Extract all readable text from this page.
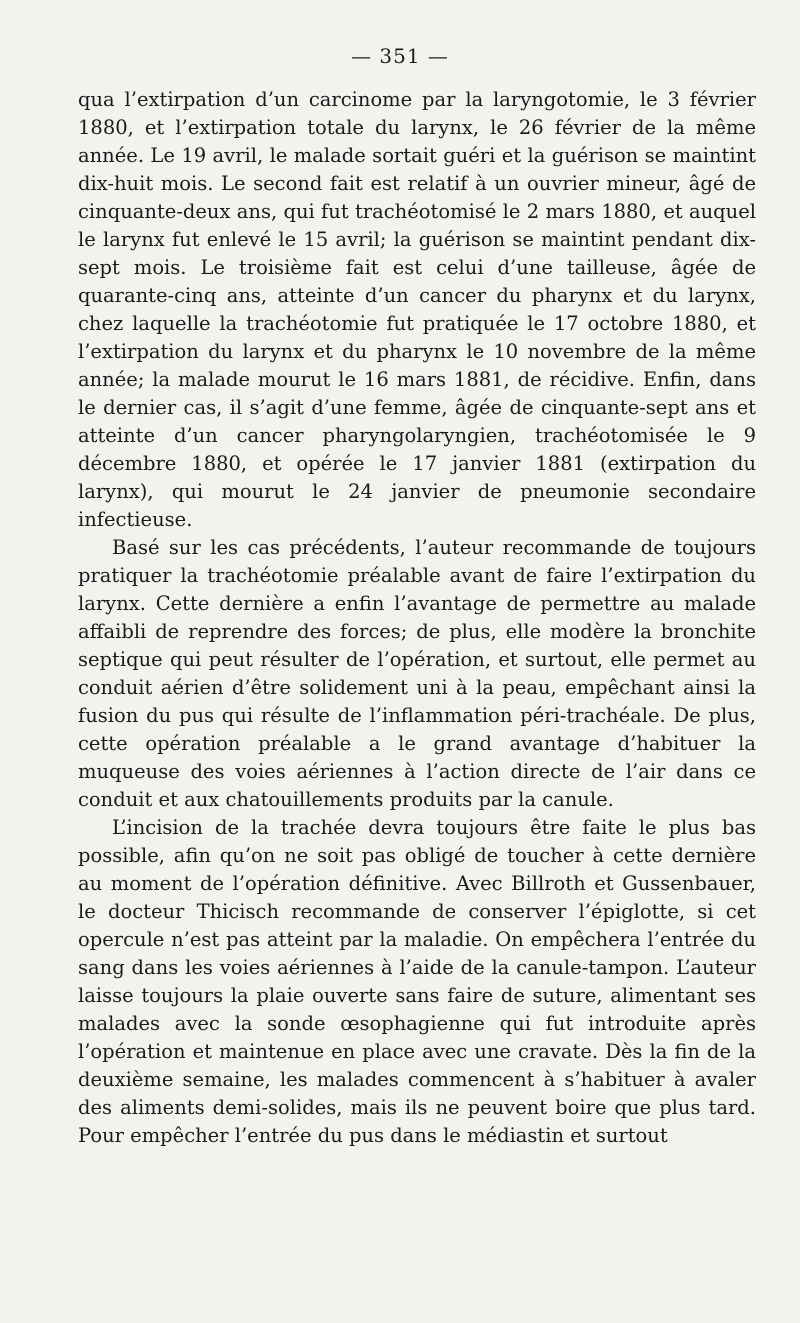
— 351 —

qua l’extirpation d’un carcinome par la laryngotomie, le 3 février 1880, et l’extirpation totale du larynx, le 26 février de la même année. Le 19 avril, le malade sortait guéri et la guérison se maintint dix-huit mois. Le second fait est relatif à un ouvrier mineur, âgé de cinquante-deux ans, qui fut trachéotomisé le 2 mars 1880, et auquel le larynx fut enlevé le 15 avril; la guérison se maintint pendant dix-sept mois. Le troisième fait est celui d’une tailleuse, âgée de quarante-cinq ans, atteinte d’un cancer du pharynx et du larynx, chez laquelle la trachéotomie fut pratiquée le 17 octobre 1880, et l’extirpation du larynx et du pharynx le 10 novembre de la même année; la malade mourut le 16 mars 1881, de récidive. Enfin, dans le dernier cas, il s’agit d’une femme, âgée de cinquante-sept ans et atteinte d’un cancer pharyngolaryngien, trachéotomisée le 9 décembre 1880, et opérée le 17 janvier 1881 (extirpation du larynx), qui mourut le 24 janvier de pneumonie secondaire infectieuse.

Basé sur les cas précédents, l’auteur recommande de toujours pratiquer la trachéotomie préalable avant de faire l’extirpation du larynx. Cette dernière a enfin l’avantage de permettre au malade affaibli de reprendre des forces; de plus, elle modère la bronchite septique qui peut résulter de l’opération, et surtout, elle permet au conduit aérien d’être solidement uni à la peau, empêchant ainsi la fusion du pus qui résulte de l’inflammation péri-trachéale. De plus, cette opération préalable a le grand avantage d’habituer la muqueuse des voies aériennes à l’action directe de l’air dans ce conduit et aux chatouillements produits par la canule.

L’incision de la trachée devra toujours être faite le plus bas possible, afin qu’on ne soit pas obligé de toucher à cette dernière au moment de l’opération définitive. Avec Billroth et Gussenbauer, le docteur Thicisch recommande de conserver l’épiglotte, si cet opercule n’est pas atteint par la maladie. On empêchera l’entrée du sang dans les voies aériennes à l’aide de la canule-tampon. L’auteur laisse toujours la plaie ouverte sans faire de suture, alimentant ses malades avec la sonde œsophagienne qui fut introduite après l’opération et maintenue en place avec une cravate. Dès la fin de la deuxième semaine, les malades commencent à s’habituer à avaler des aliments demi-solides, mais ils ne peuvent boire que plus tard. Pour empêcher l’entrée du pus dans le médiastin et surtout
